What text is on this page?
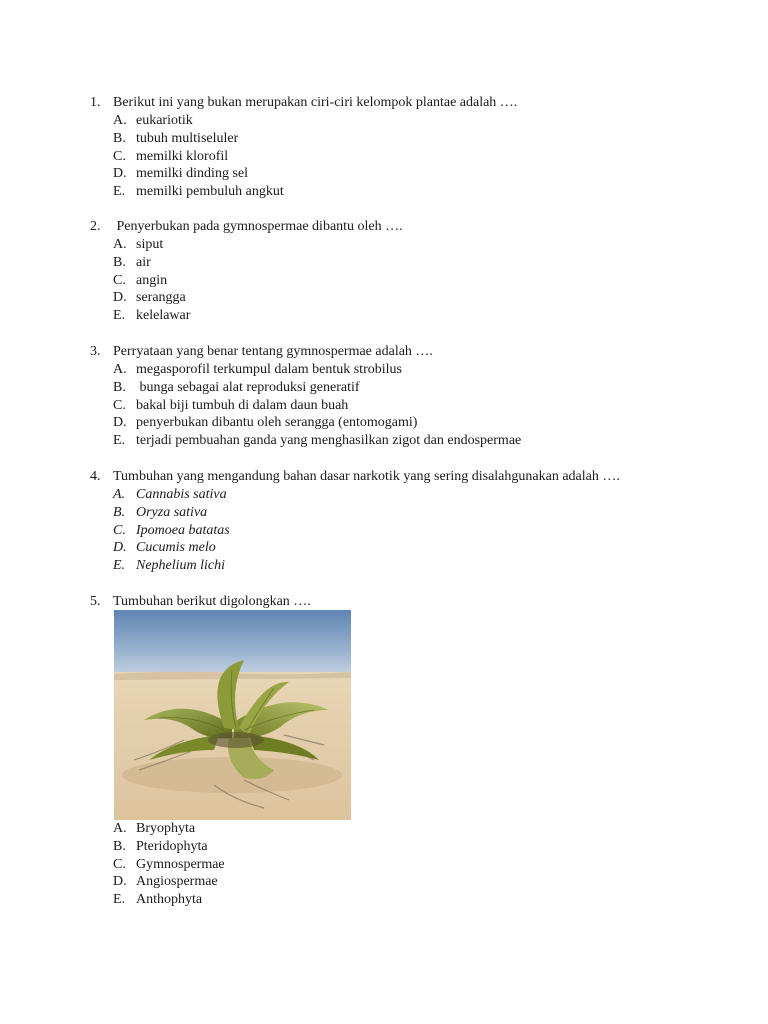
1. Berikut ini yang bukan merupakan ciri-ciri kelompok plantae adalah ….
A. eukariotik
B. tubuh multiseluler
C. memilki klorofil
D. memilki dinding sel
E. memilki pembuluh angkut
2. Penyerbukan pada gymnospermae dibantu oleh ….
A. siput
B. air
C. angin
D. serangga
E. kelelawar
3. Perryataan yang benar tentang gymnospermae adalah ….
A. megasporofil terkumpul dalam bentuk strobilus
B. bunga sebagai alat reproduksi generatif
C. bakal biji tumbuh di dalam daun buah
D. penyerbukan dibantu oleh serangga (entomogami)
E. terjadi pembuahan ganda yang menghasilkan zigot dan endospermae
4. Tumbuhan yang mengandung bahan dasar narkotik yang sering disalahgunakan adalah ….
A. Cannabis sativa
B. Oryza sativa
C. Ipomoea batatas
D. Cucumis melo
E. Nephelium lichi
5. Tumbuhan berikut digolongkan ….
A. Bryophyta
B. Pteridophyta
C. Gymnospermae
D. Angiospermae
E. Anthophyta
